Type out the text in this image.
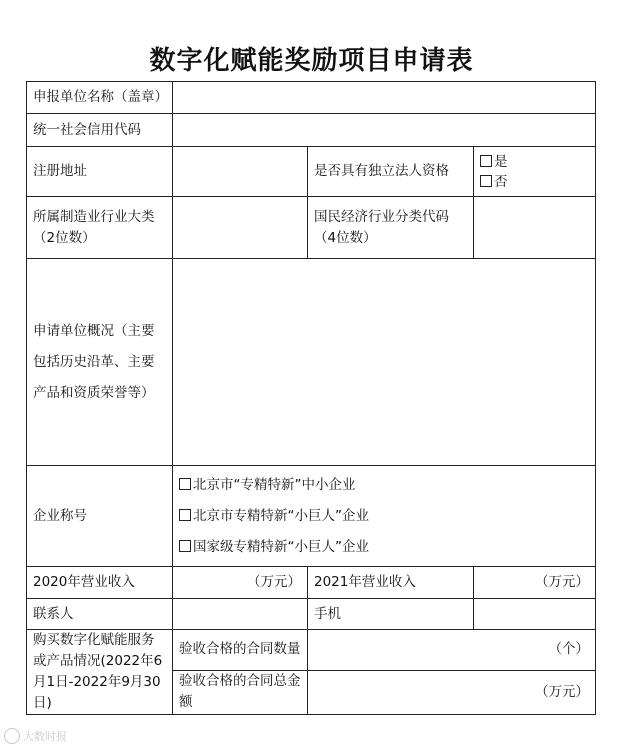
数字化赋能奖励项目申请表
申报单位名称（盖章）			
统一社会信用代码			
注册地址		是否具有独立法人资格	是
否

所属制造业行业大类（2位数）		国民经济行业分类代码（4位数）	
申请单位概况（主要包括历史沿革、主要产品和资质荣誉等）			
企业称号	北京市“专精特新”中小企业
北京市专精特新“小巨人”企业
国家级专精特新“小巨人”企业		

2020年营业收入	（万元）	2021年营业收入	（万元）
联系人		手机	
购买数字化赋能服务或产品情况(2022年6月1日-2022年9月30日)	验收合格的合同数量	（个）	
	验收合格的合同总金额	（万元）	
大数时报
